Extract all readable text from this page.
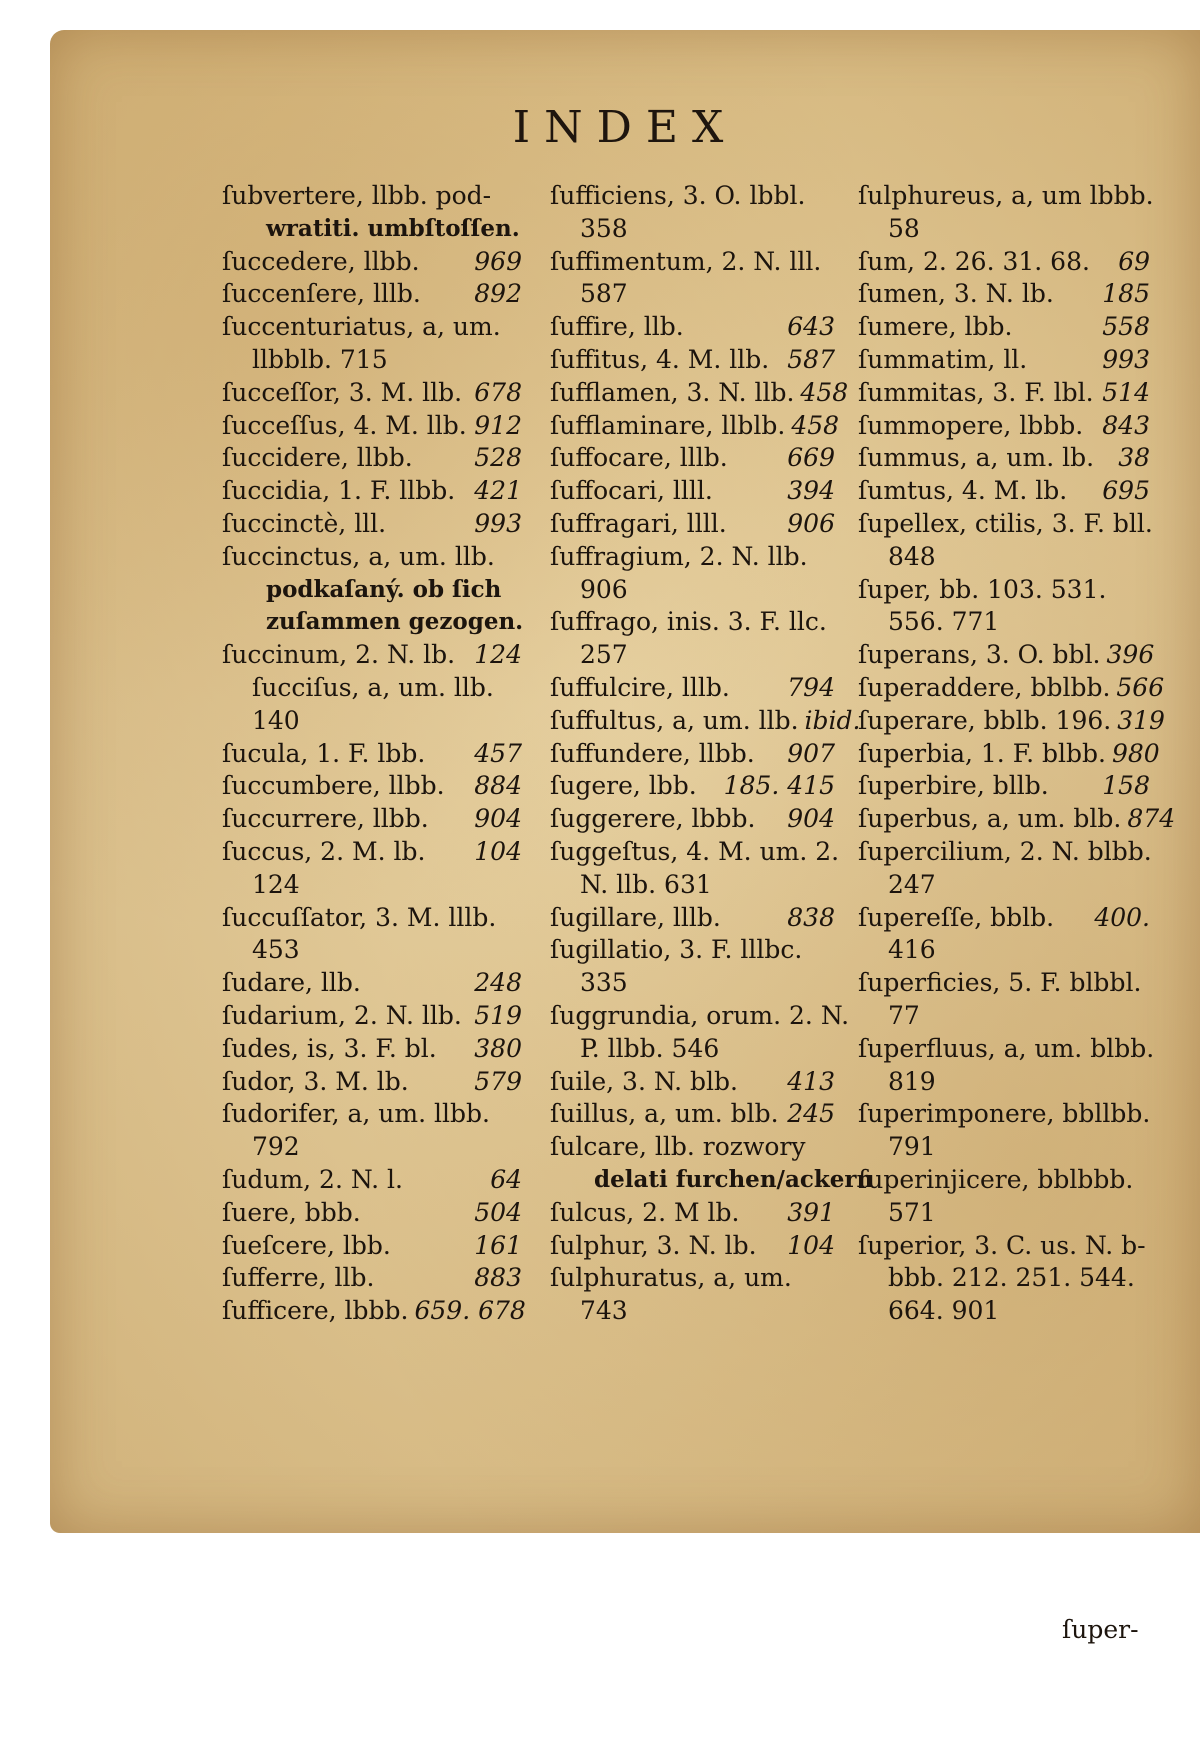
INDEX
ſubvertere, llbb. pod-
wratiti. umbſtoſſen.
ſuccedere, llbb. 969
ſuccenſere, lllb. 892
ſuccenturiatus, a, um.
llbblb. 715
ſucceſſor, 3. M. llb. 678
ſucceſſus, 4. M. llb. 912
ſuccidere, llbb. 528
ſuccidia, 1. F. llbb. 421
ſuccinctè, lll.	993
ſuccinctus, a, um. llb.
podkaſaný. ob ſich
zuſammen gezogen.
ſuccinum, 2. N. lb. 124
ſucciſus, a, um. llb.
140
ſucula, 1. F. lbb. 457
ſuccumbere, llbb. 884
ſuccurrere, llbb. 904
ſuccus, 2. M. lb. 104
124
ſuccuſſator, 3. M. lllb.
453
ſudare, llb.	248
ſudarium, 2. N. llb. 519
ſudes, is, 3. F. bl. 380
ſudor, 3. M. lb.	579
ſudorifer, a, um. llbb.
792
ſudum, 2. N. l.	64
ſuere, bbb.	504
ſueſcere, lbb.	161
ſufferre, llb.	883
ſufficere, lbbb. 659. 678
ſufficiens, 3. O. lbbl.
358
ſuffimentum, 2. N. lll.
587
ſuffire, llb.	643
ſuffitus, 4. M. llb. 587
ſufflamen, 3. N. llb. 458
ſufflaminare, llblb. 458
ſuffocare, lllb. 669
ſuffocari, llll.	394
ſuffragari, llll. 906
ſuffragium, 2. N. llb.
906
ſuffrago, inis. 3. F. llc.
257
ſuffulcire, lllb. 794
ſuffultus, a, um. llb. ibid.
ſuffundere, llbb. 907
ſugere, lbb. 185. 415
ſuggerere, lbbb. 904
ſuggeſtus, 4. M. um. 2.
N. llb. 631
ſugillare, lllb.	838
ſugillatio, 3. F. lllbc.
335
ſuggrundia, orum. 2. N.
P. llbb. 546
ſuile, 3. N. blb. 413
ſuillus, a, um. blb. 245
ſulcare, llb. rozwory
delati furchen/ackern
ſulcus, 2. M lb. 391
ſulphur, 3. N. lb. 104
ſulphuratus, a, um.
743
ſulphureus, a, um lbbb.
58
ſum, 2. 26. 31. 68. 69
ſumen, 3. N. lb. 185
ſumere, lbb.	558
ſummatim, ll.	993
ſummitas, 3. F. lbl. 514
ſummopere, lbbb. 843
ſummus, a, um. lb. 38
ſumtus, 4. M. lb. 695
ſupellex, ctilis, 3. F. bll.
848
ſuper, bb. 103. 531.
556. 771
ſuperans, 3. O. bbl. 396
ſuperaddere, bblbb. 566
ſuperare, bblb. 196. 319
ſuperbia, 1. F. blbb. 980
ſuperbire, bllb. 158
ſuperbus, a, um. blb. 874
ſupercilium, 2. N. blbb.
247
ſupereſſe, bblb. 400.
416
ſuperficies, 5. F. blbbl.
77
ſuperfluus, a, um. blbb.
819
ſuperimponere, bbllbb.
791
ſuperinjicere, bblbbb.
571
ſuperior, 3. C. us. N. b-
bbb. 212. 251. 544.
664. 901
ſuper-
STRAHOV	STRAHOV
